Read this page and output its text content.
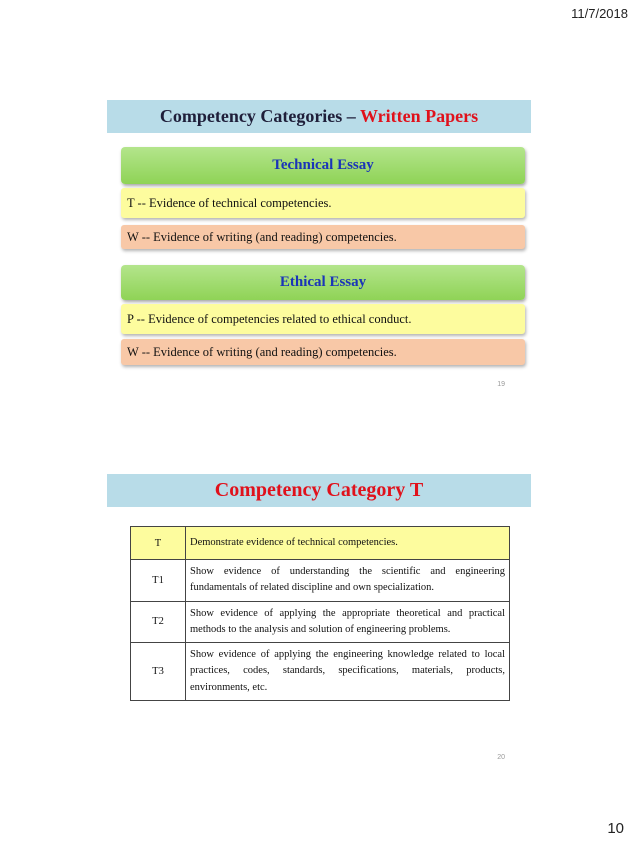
11/7/2018
Competency Categories – Written Papers
Technical Essay
T -- Evidence of technical competencies.
W -- Evidence of writing (and reading) competencies.
Ethical Essay
P -- Evidence of competencies related to ethical conduct.
W -- Evidence of writing (and reading) competencies.
19
Competency Category T
T	Demonstrate evidence of technical competencies.
T1	Show evidence of understanding the scientific and engineering fundamentals of related discipline and own specialization.
T2	Show evidence of applying the appropriate theoretical and practical methods to the analysis and solution of engineering problems.
T3	Show evidence of applying the engineering knowledge related to local practices, codes, standards, specifications, materials, products, environments, etc.
20
10
